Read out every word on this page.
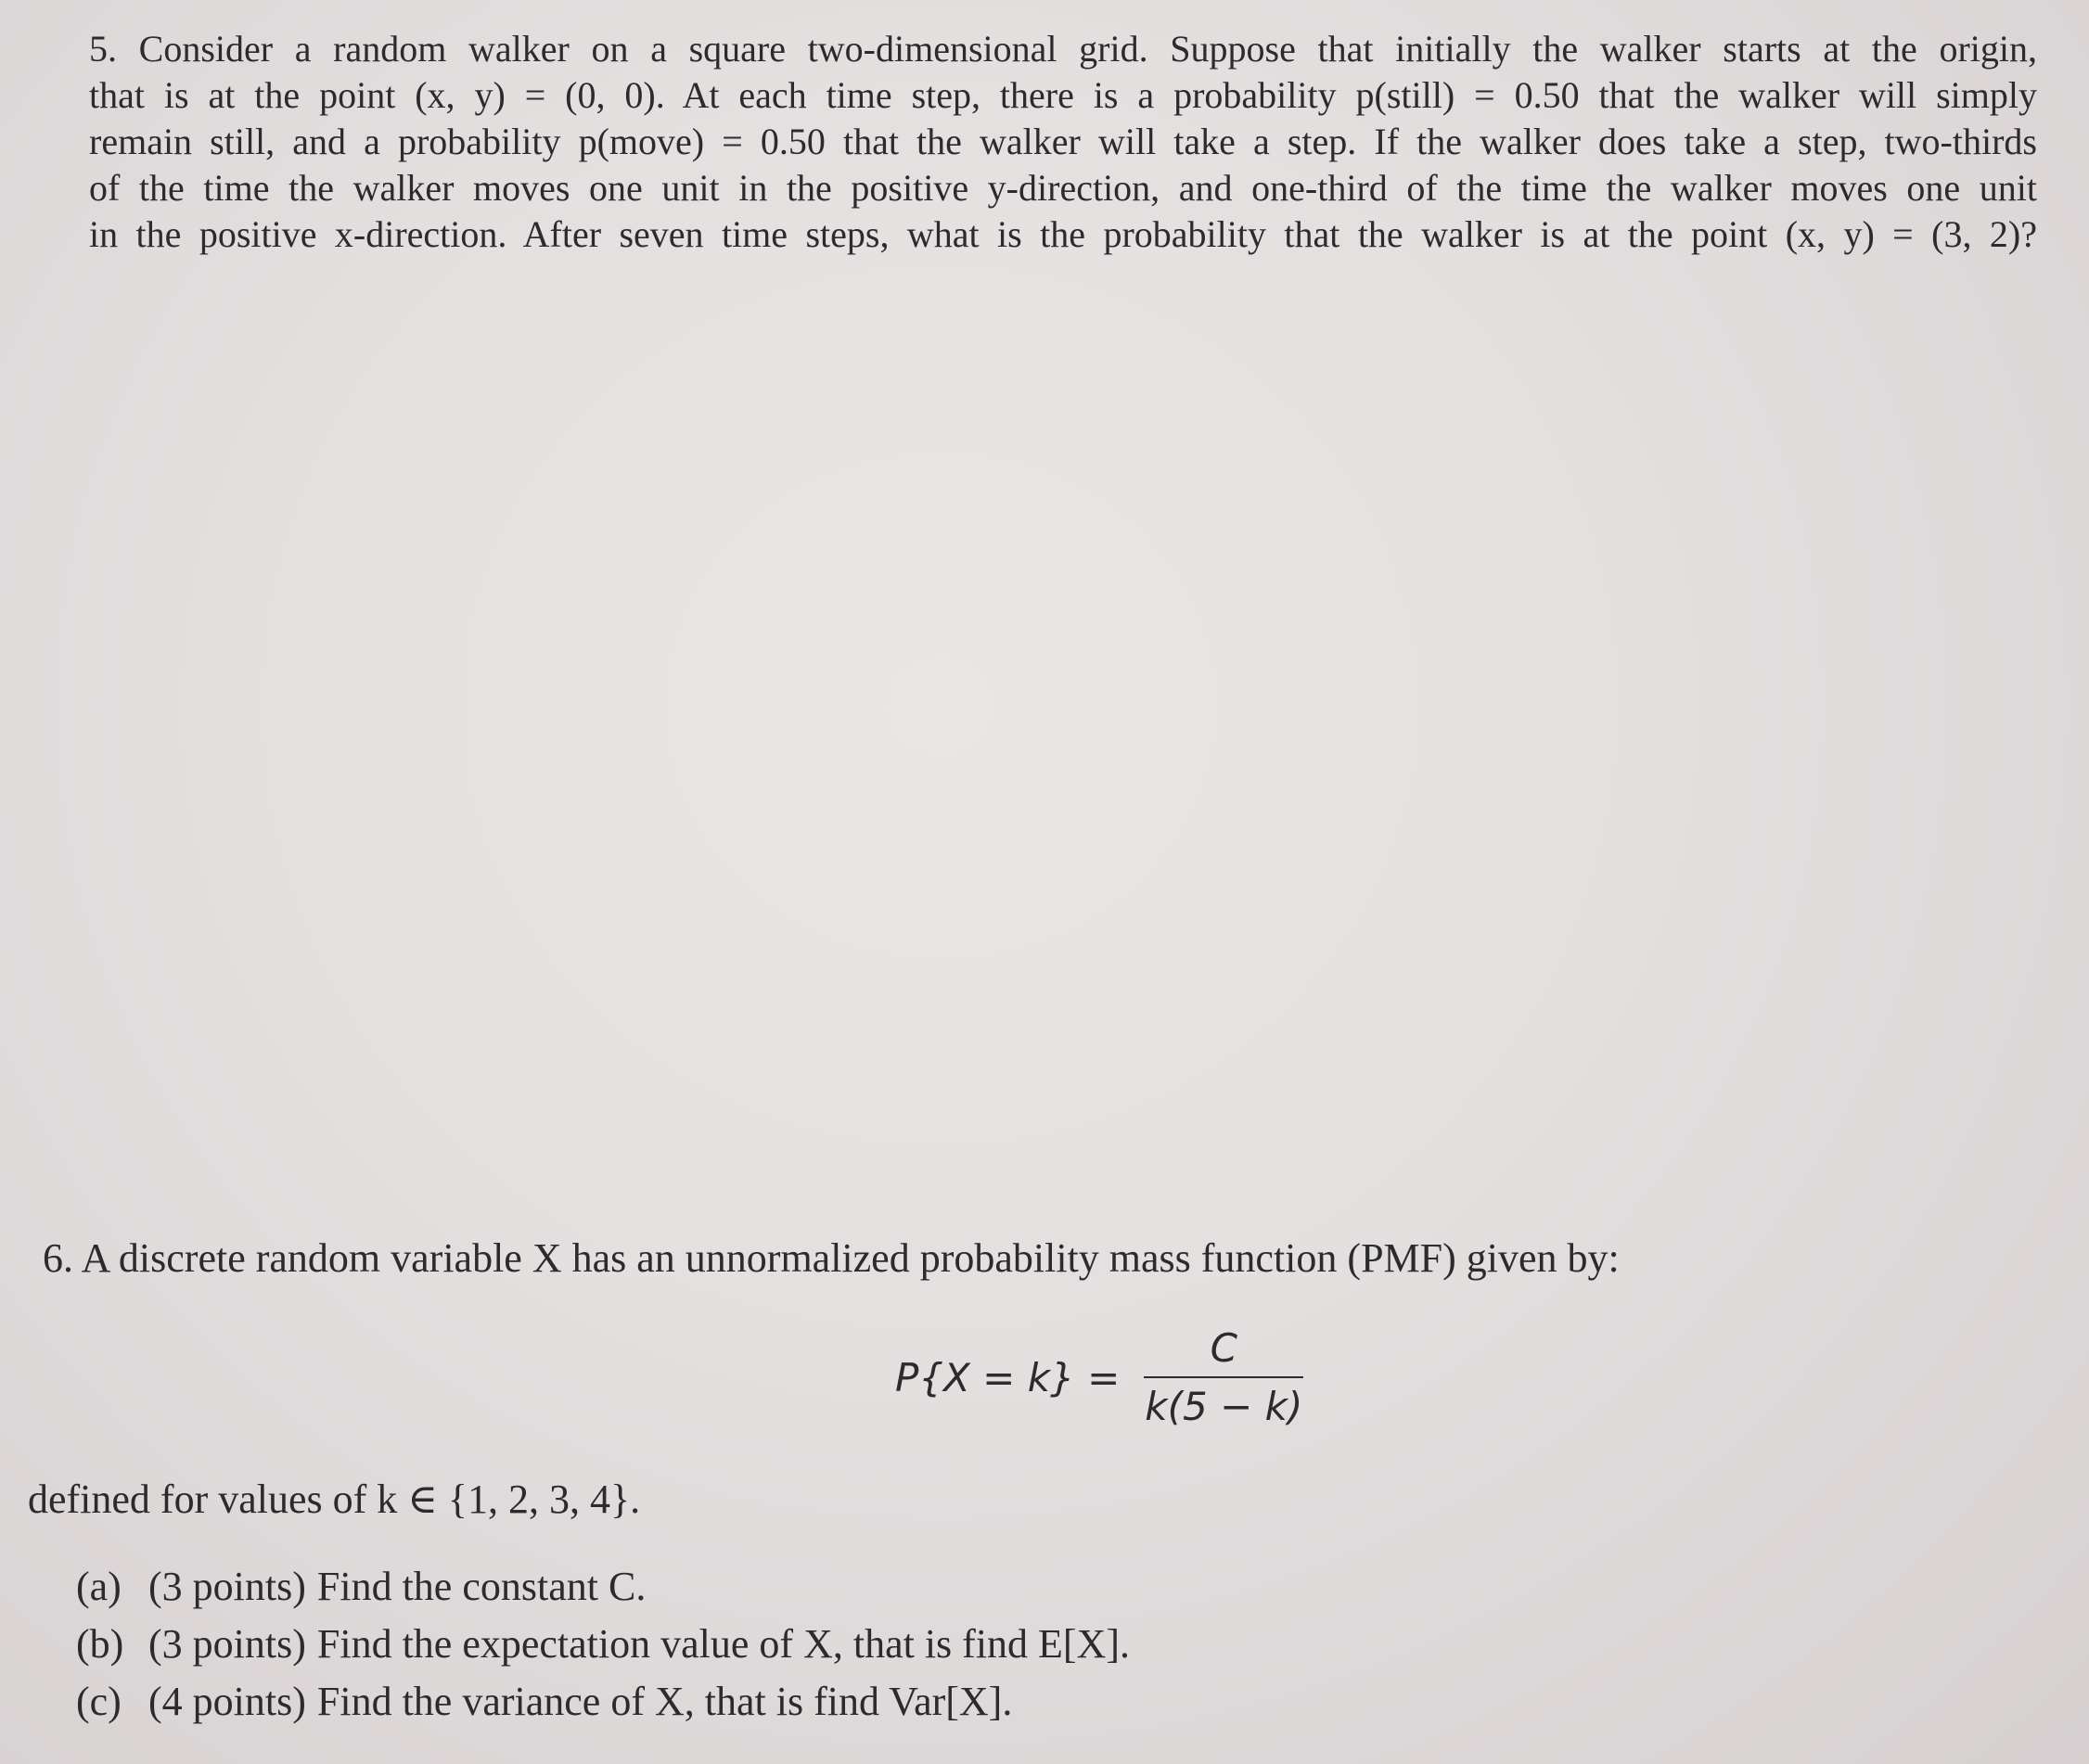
5. Consider a random walker on a square two-dimensional grid. Suppose that initially the walker starts at the origin,
that is at the point (x, y) = (0, 0). At each time step, there is a probability p(still) = 0.50 that the walker will simply
remain still, and a probability p(move) = 0.50 that the walker will take a step. If the walker does take a step, two-thirds
of the time the walker moves one unit in the positive y-direction, and one-third of the time the walker moves one unit
in the positive x-direction. After seven time steps, what is the probability that the walker is at the point (x, y) = (3, 2)?
6. A discrete random variable X has an unnormalized probability mass function (PMF) given by:
$P\{X = k\} = \frac{C}{k(5 - k)}$
defined for values of k ∈ {1, 2, 3, 4}.
(a) (3 points) Find the constant C.
(b) (3 points) Find the expectation value of X, that is find E[X].
(c) (4 points) Find the variance of X, that is find Var[X].
